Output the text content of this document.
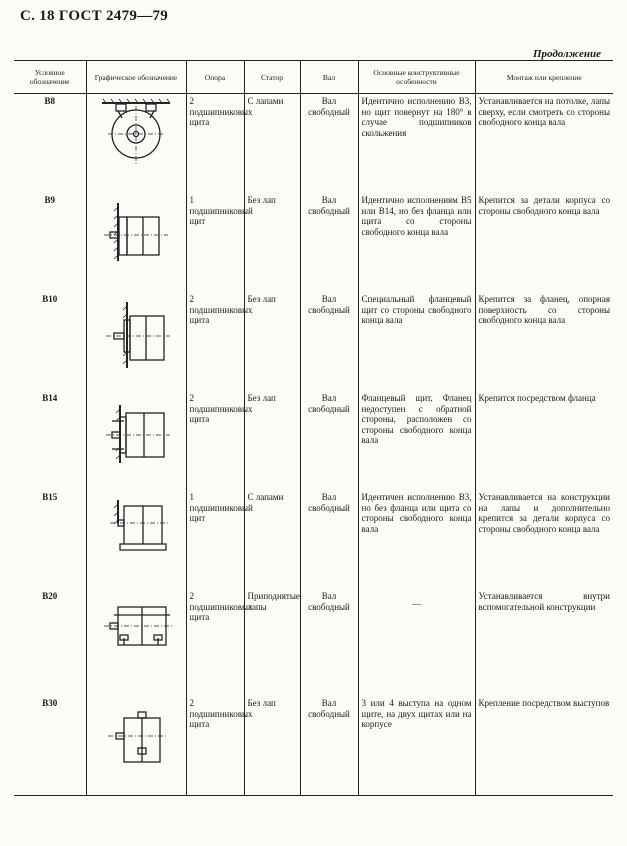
С. 18 ГОСТ 2479—79
Продолжение
Условное обозначение	Графическое обозначение	Опора	Статор	Вал	Основные конструктивные особенности	Монтаж или крепление
В8		2 подшипниковых щита	С лапами	Вал свободный	Идентично исполнению В3, но щит повернут на 180° в случае подшипников скольжения	Устанавливается на потолке, лапы сверху, если смотреть со стороны свободного конца вала
В9		1 подшипниковый щит	Без лап	Вал свободный	Идентично исполнениям В5 или В14, но без фланца или щита со стороны свободного конца вала	Крепится за детали корпуса со стороны свободного конца вала
В10		2 подшипниковых щита	Без лап	Вал свободный	Специальный фланцевый щит со стороны свободного конца вала	Крепится за фланец, опорная поверхность со стороны свободного конца вала
В14		2 подшипниковых щита	Без лап	Вал свободный	Фланцевый щит. Фланец недоступен с обратной стороны, расположен со стороны свободного конца вала	Крепится посредством фланца
В15		1 подшипниковый щит	С лапами	Вал свободный	Идентичен исполнению В3, но без фланца или щита со стороны свободного конца вала	Устанавливается на конструкции на лапы и дополнительно крепится за детали корпуса со стороны свободного конца вала
В20		2 подшипниковых щита	Приподнятые лапы	Вал свободный	—	Устанавливается внутри вспомогательной конструкции
В30		2 подшипниковых щита	Без лап	Вал свободный	3 или 4 выступа на одном щите, на двух щитах или на корпусе	Крепление посредством выступов
